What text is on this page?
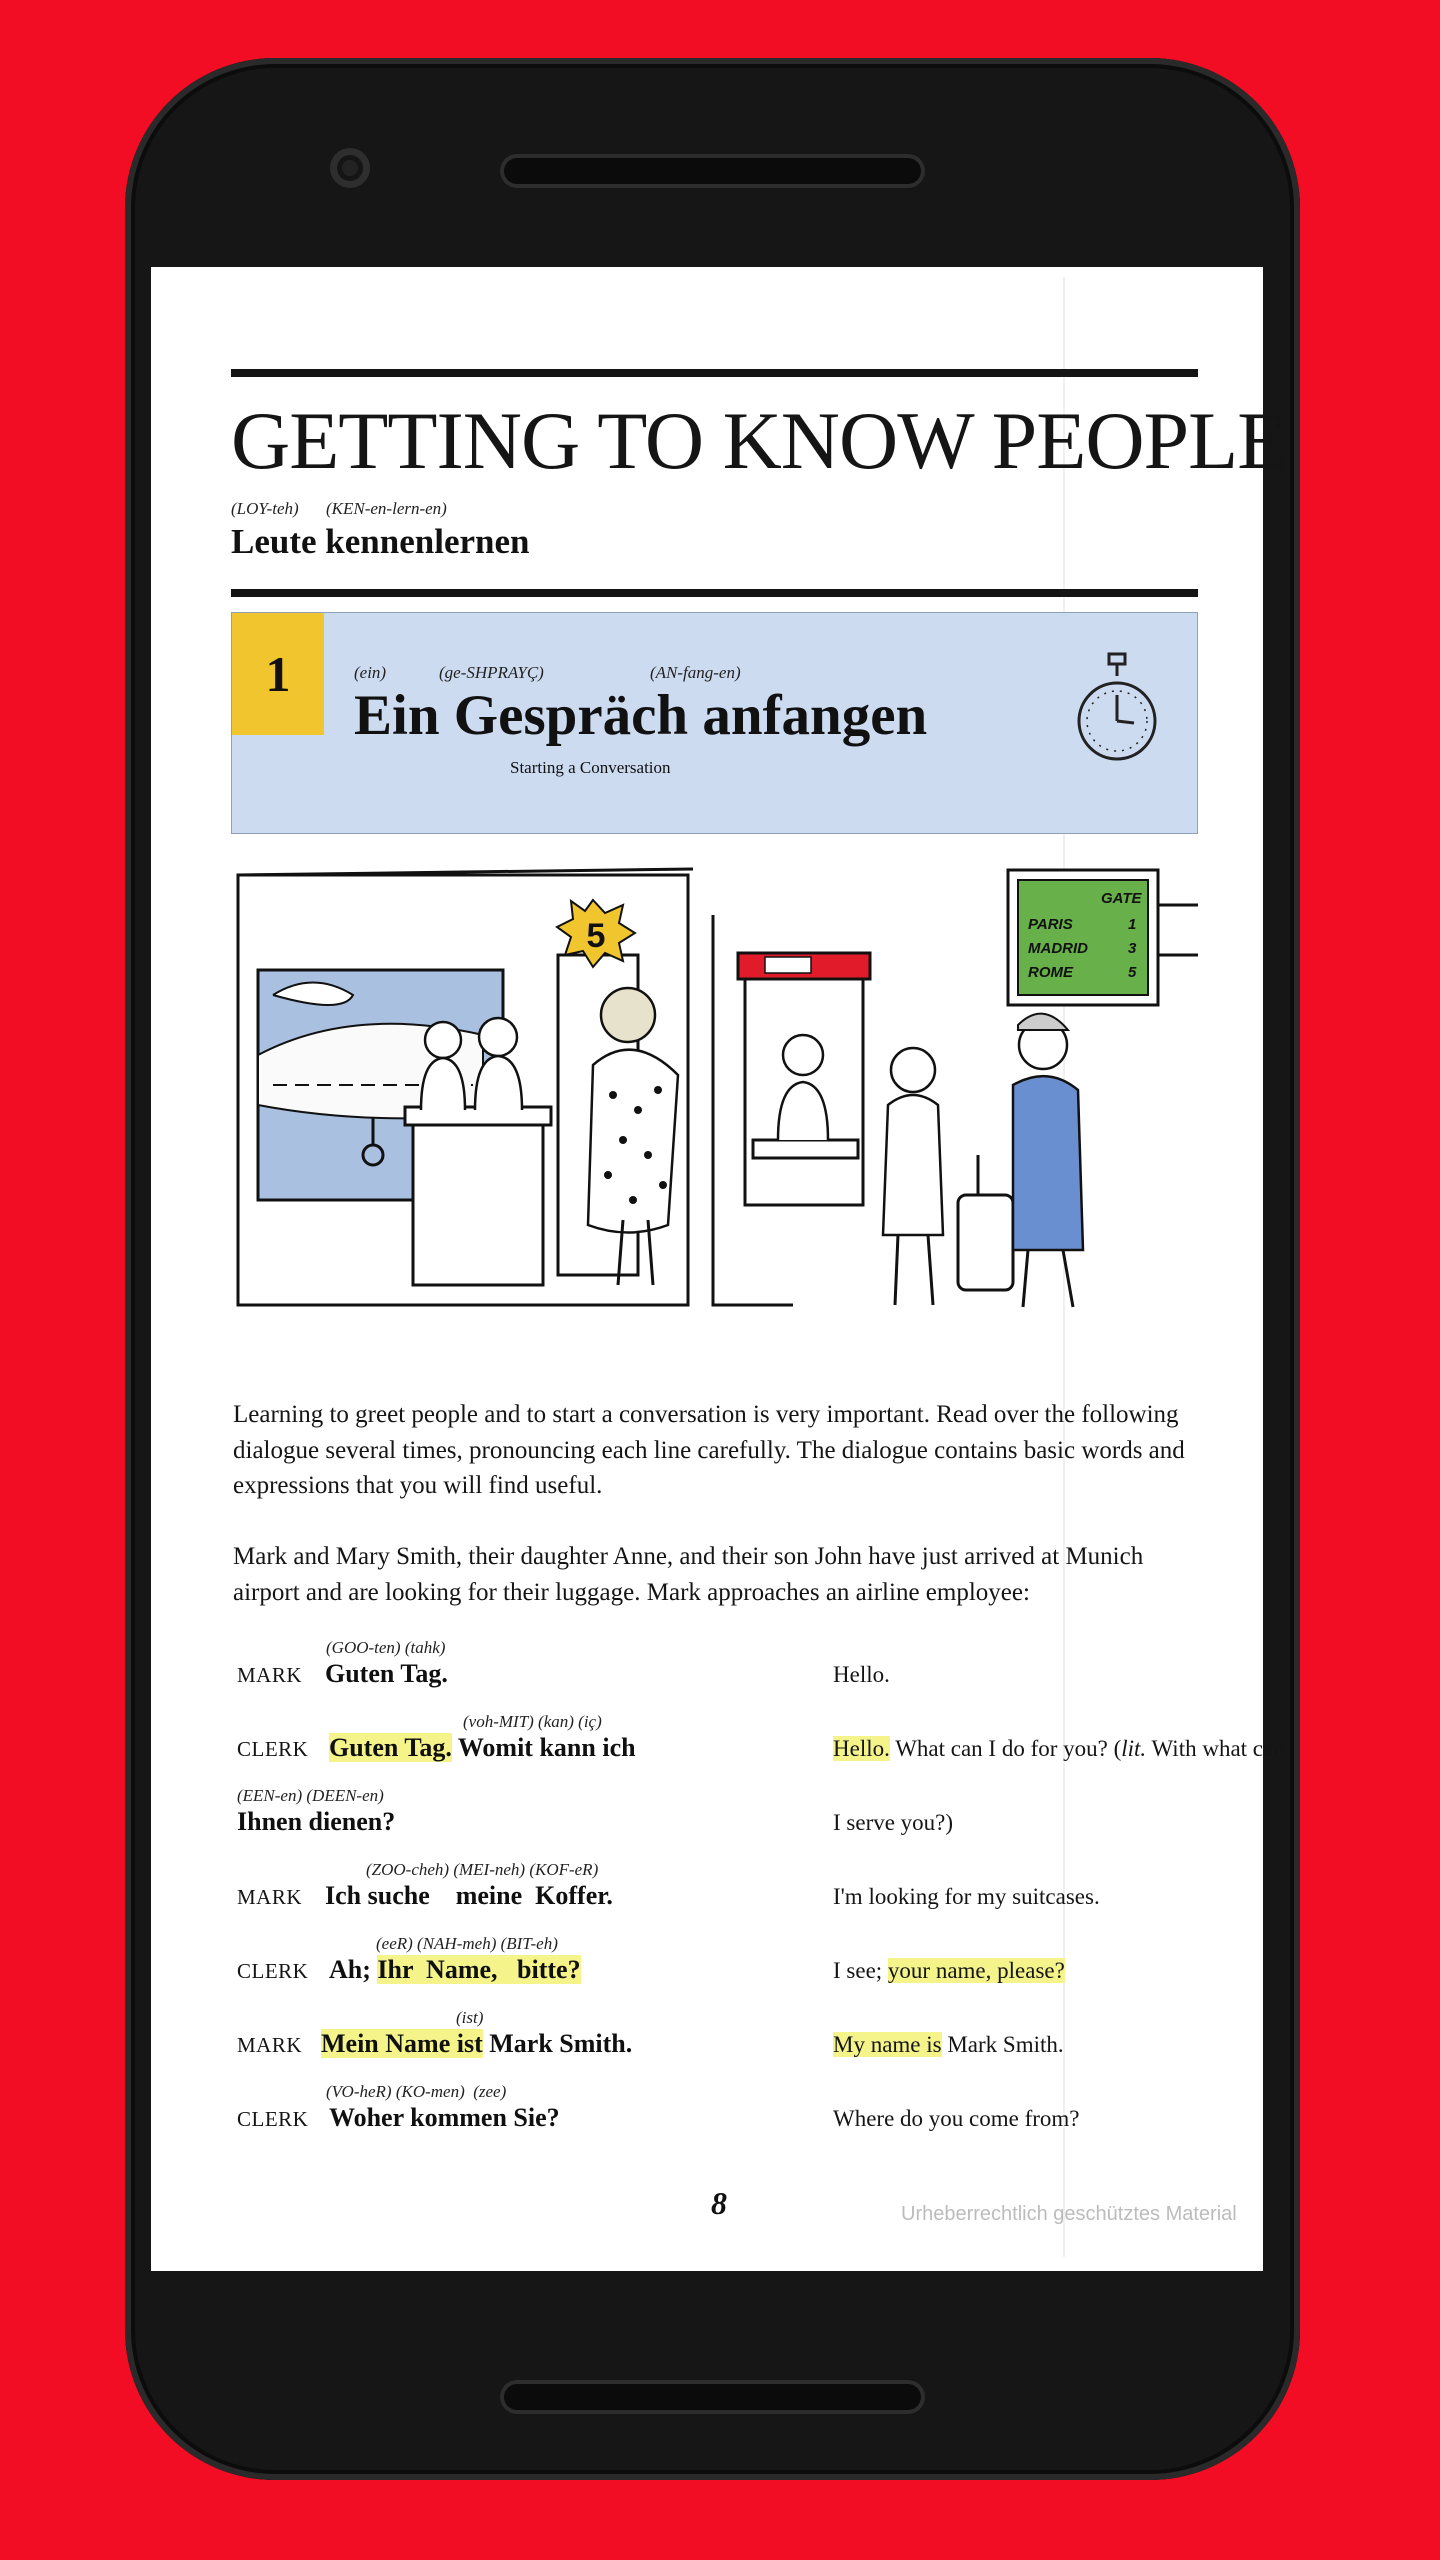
GETTING TO KNOW PEOPLE
(LOY-teh) (KEN-en-lern-en)
Leute kennenlernen
1	(ein)	(ge-SHPRAYÇ)	(AN-fang-en)
Ein Gespräch anfangen
Starting a Conversation
5
GATE
PARIS	1
MADRID	3
ROME	5
Learning to greet people and to start a conversation is very important. Read over the following dialogue several times, pronouncing each line carefully. The dialogue contains basic words and expressions that you will find useful.
Mark and Mary Smith, their daughter Anne, and their son John have just arrived at Munich airport and are looking for their luggage. Mark approaches an airline employee:
(GOO-ten) (tahk)
MARK Guten Tag.	Hello.
(voh-MIT) (kan) (iç)
CLERK Guten Tag. Womit kann ich	Hello. What can I do for you? (lit. With what can
(EEN-en) (DEEN-en)
Ihnen dienen?	I serve you?)
(ZOO-cheh) (MEI-neh) (KOF-eR)
MARK Ich suche    meine  Koffer.	I'm looking for my suitcases.
(eeR) (NAH-meh) (BIT-eh)
CLERK Ah; Ihr  Name,   bitte?	I see; your name, please?
(ist)
MARK Mein Name ist Mark Smith.	My name is Mark Smith.
(VO-heR) (KO-men)  (zee)
CLERK Woher kommen Sie?	Where do you come from?
8	Urheberrechtlich geschütztes Material
